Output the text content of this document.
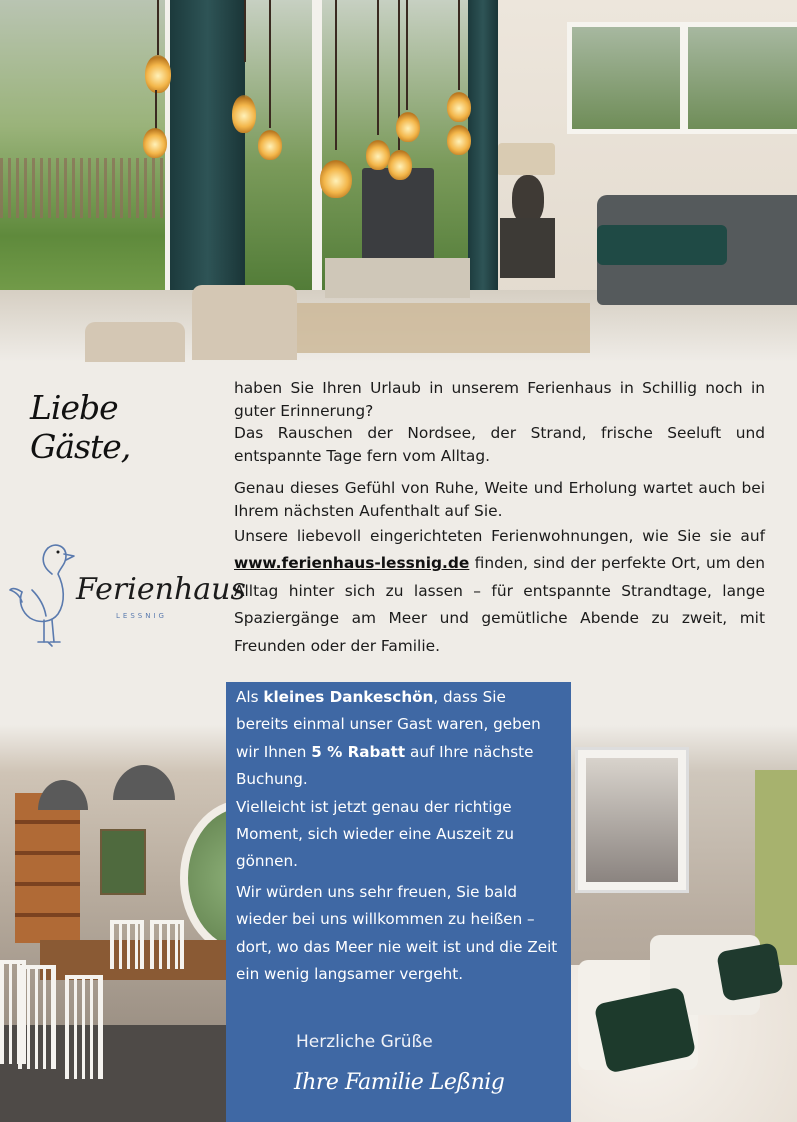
Liebe Gäste,

haben Sie Ihren Urlaub in unserem Ferienhaus in Schillig noch in guter Erinnerung?

Das Rauschen der Nordsee, der Strand, frische Seeluft und entspannte Tage fern vom Alltag.

Genau dieses Gefühl von Ruhe, Weite und Erholung wartet auch bei Ihrem nächsten Aufenthalt auf Sie.

Unsere liebevoll eingerichteten Ferienwohnungen, wie Sie sie auf www.ferienhaus-lessnig.de finden, sind der perfekte Ort, um den Alltag hinter sich zu lassen – für entspannte Strandtage, lange Spaziergänge am Meer und gemütliche Abende zu zweit, mit Freunden oder der Familie.

Ferienhaus
LESSNIG

Als kleines Dankeschön, dass Sie bereits einmal unser Gast waren, geben wir Ihnen 5 % Rabatt auf Ihre nächste Buchung.

Vielleicht ist jetzt genau der richtige Moment, sich wieder eine Auszeit zu gönnen.

Wir würden uns sehr freuen, Sie bald wieder bei uns willkommen zu heißen –dort, wo das Meer nie weit ist und die Zeit ein wenig langsamer vergeht.

Herzliche Grüße
Ihre Familie Leßnig
